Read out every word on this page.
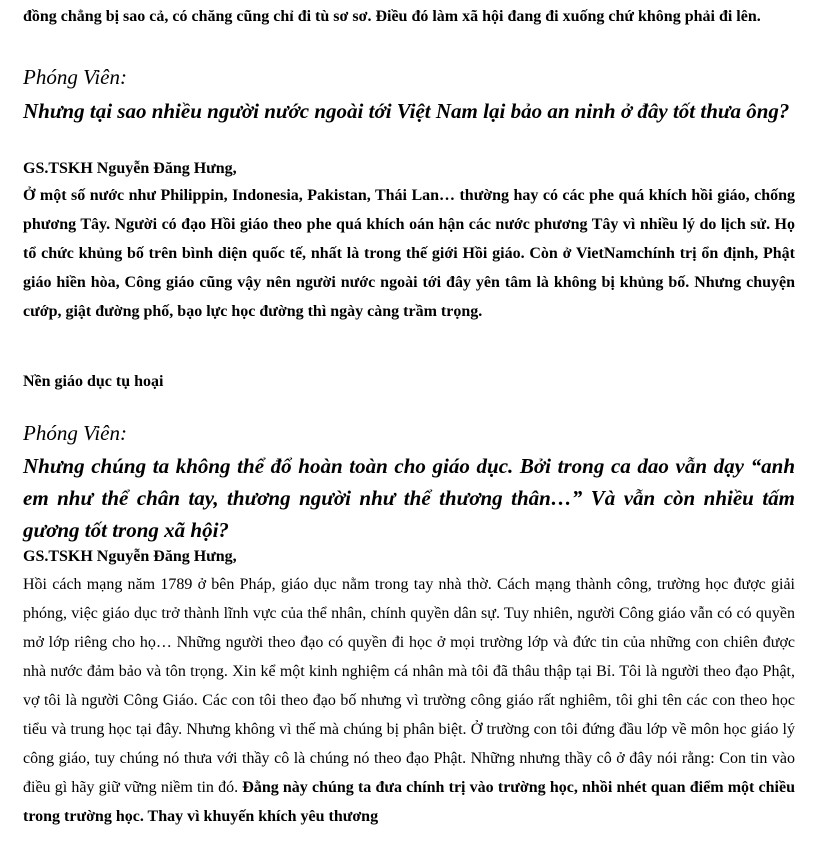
đồng chẳng bị sao cả, có chăng cũng chỉ đi tù sơ sơ. Điều đó làm xã hội đang đi xuống chứ không phải đi lên.

Phóng Viên:

Nhưng tại sao nhiều người nước ngoài tới Việt Nam lại bảo an ninh ở đây tốt thưa ông?

GS.TSKH Nguyễn Đăng Hưng,

Ở một số nước như Philippin, Indonesia, Pakistan, Thái Lan… thường hay có các phe quá khích hồi giáo, chống phương Tây. Người có đạo Hồi giáo theo phe quá khích oán hận các nước phương Tây vì nhiều lý do lịch sử. Họ tổ chức khủng bố trên bình diện quốc tế, nhất là trong thế giới Hồi giáo. Còn ở VietNamchính trị ổn định, Phật giáo hiền hòa, Công giáo cũng vậy nên người nước ngoài tới đây yên tâm là không bị khủng bố. Nhưng chuyện cướp, giật đường phố, bạo lực học đường thì ngày càng trầm trọng.

Nền giáo dục tụ hoại

Phóng Viên:

Nhưng chúng ta không thể đổ hoàn toàn cho giáo dục. Bởi trong ca dao vẫn dạy “anh em như thể chân tay, thương người như thể thương thân…” Và vẫn còn nhiều tấm gương tốt trong xã hội?

GS.TSKH Nguyễn Đăng Hưng,

Hồi cách mạng năm 1789 ở bên Pháp, giáo dục nằm trong tay nhà thờ. Cách mạng thành công, trường học được giải phóng, việc giáo dục trở thành lĩnh vực của thể nhân, chính quyền dân sự. Tuy nhiên, người Công giáo vẫn có có quyền mở lớp riêng cho họ… Những người theo đạo có quyền đi học ở mọi trường lớp và đức tin của những con chiên được nhà nước đảm bảo và tôn trọng. Xin kể một kinh nghiệm cá nhân mà tôi đã thâu thập tại Bỉ. Tôi là người theo đạo Phật, vợ tôi là người Công Giáo. Các con tôi theo đạo bố nhưng vì trường công giáo rất nghiêm, tôi ghi tên các con theo học tiểu và trung học tại đây. Nhưng không vì thế mà chúng bị phân biệt. Ở trường con tôi đứng đầu lớp về môn học giáo lý công giáo, tuy chúng nó thưa với thầy cô là chúng nó theo đạo Phật. Những nhưng thầy cô ở đây nói rằng: Con tin vào điều gì hãy giữ vững niềm tin đó. Đằng này chúng ta đưa chính trị vào trường học, nhồi nhét quan điểm một chiều trong trường học. Thay vì khuyến khích yêu thương
